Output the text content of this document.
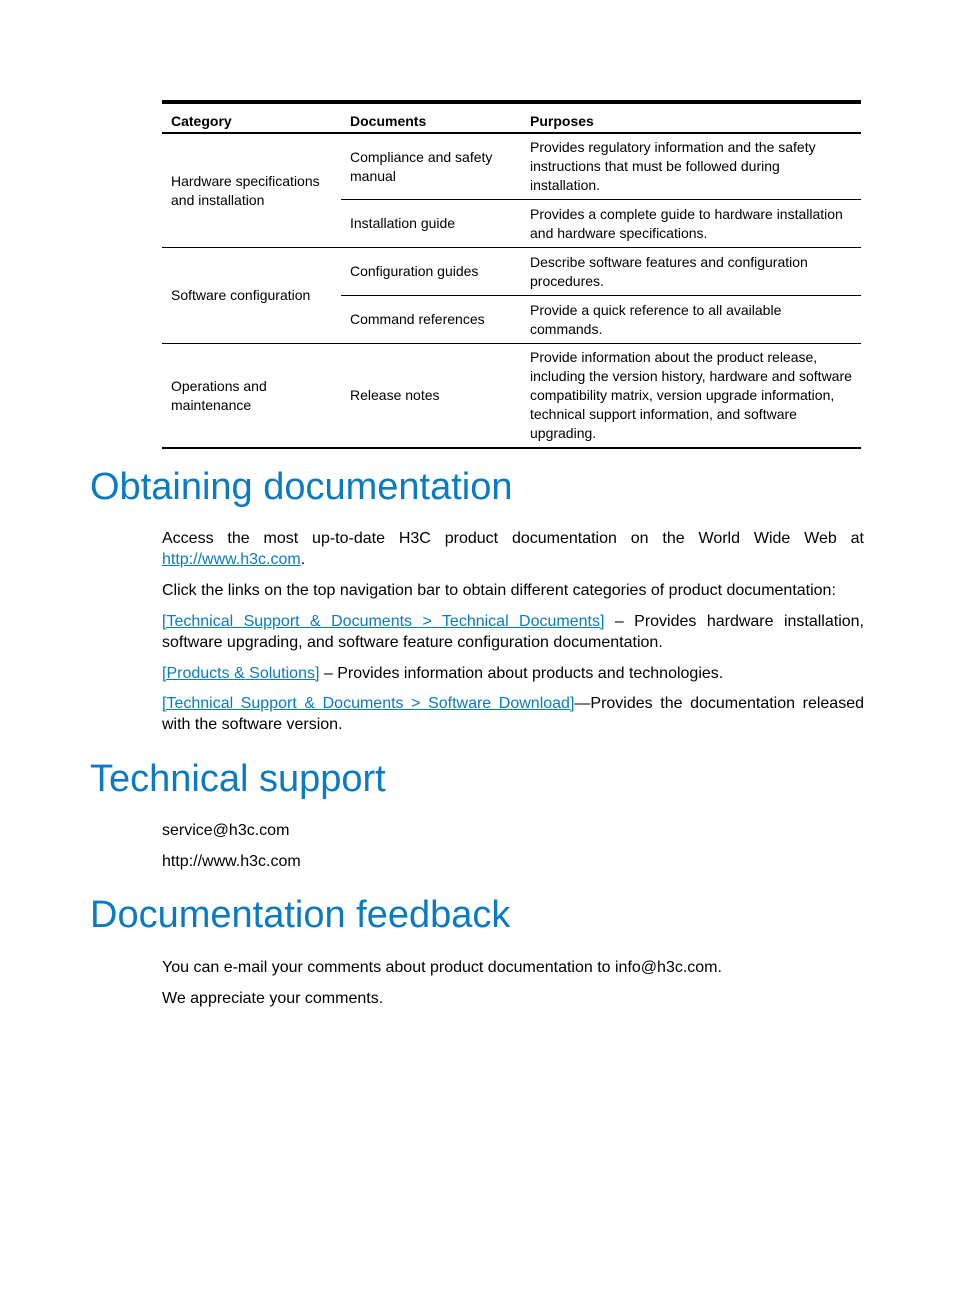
Category	Documents	Purposes
Hardware specifications and installation	Compliance and safety manual	Provides regulatory information and the safety instructions that must be followed during installation.
	Installation guide	Provides a complete guide to hardware installation and hardware specifications.
Software configuration	Configuration guides	Describe software features and configuration procedures.
	Command references	Provide a quick reference to all available commands.
Operations and maintenance	Release notes	Provide information about the product release, including the version history, hardware and software compatibility matrix, version upgrade information, technical support information, and software upgrading.
Obtaining documentation

Access the most up-to-date H3C product documentation on the World Wide Web at http://www.h3c.com.

Click the links on the top navigation bar to obtain different categories of product documentation:

[Technical Support & Documents > Technical Documents] – Provides hardware installation, software upgrading, and software feature configuration documentation.

[Products & Solutions] – Provides information about products and technologies.

[Technical Support & Documents > Software Download]—Provides the documentation released with the software version.

Technical support

service@h3c.com

http://www.h3c.com

Documentation feedback

You can e-mail your comments about product documentation to info@h3c.com.

We appreciate your comments.
